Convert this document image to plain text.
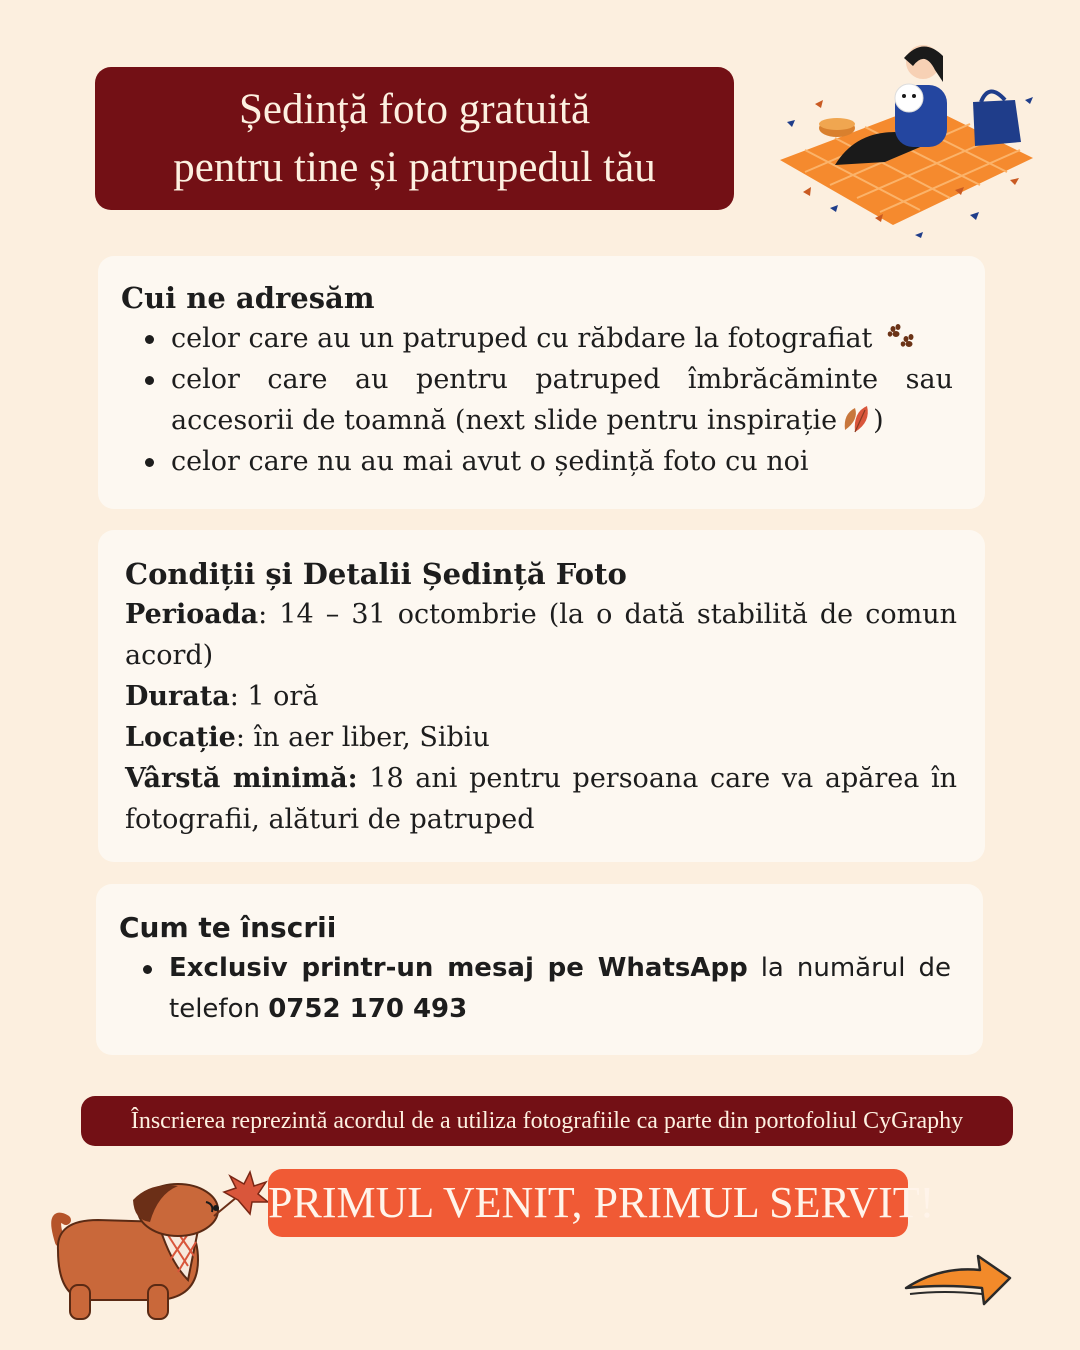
Ședință foto gratuită
pentru tine și patrupedul tău
Cui ne adresăm
celor care au un patruped cu răbdare la fotografiat
celor care au pentru patruped îmbrăcăminte sau accesorii de toamnă (next slide pentru inspirație )
celor care nu au mai avut o ședință foto cu noi
Condiții și Detalii Ședință Foto

Perioada: 14 – 31 octombrie (la o dată stabilită de comun acord)

Durata: 1 oră

Locație: în aer liber, Sibiu

Vârstă minimă: 18 ani pentru persoana care va apărea în fotografii, alături de patruped

Cum te înscrii
Exclusiv printr-un mesaj pe WhatsApp la numărul de telefon 0752 170 493
Înscrierea reprezintă acordul de a utiliza fotografiile ca parte din portofoliul CyGraphy
PRIMUL VENIT, PRIMUL SERVIT!
